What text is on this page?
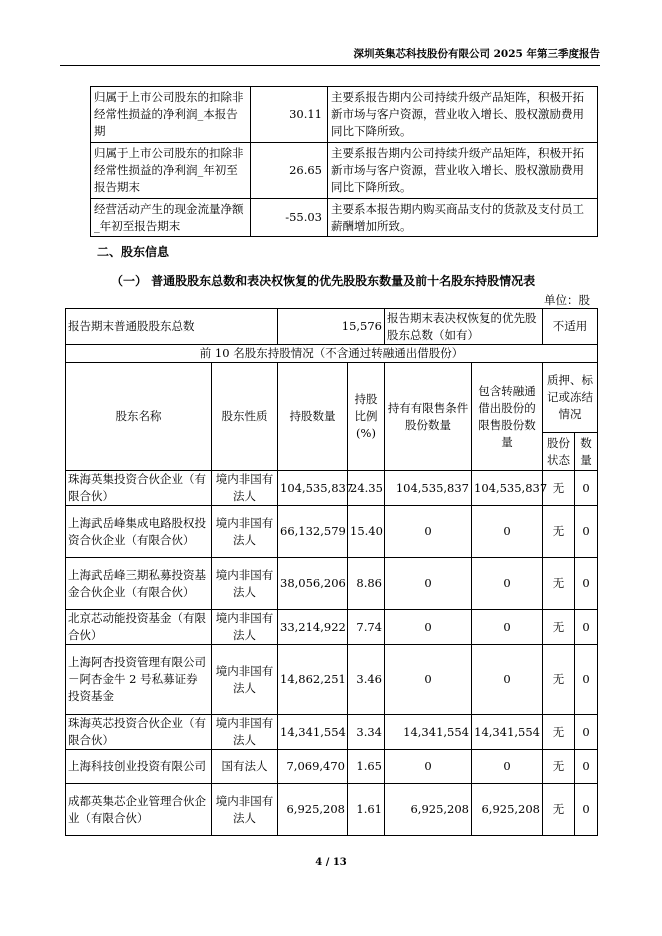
深圳英集芯科技股份有限公司 2025 年第三季度报告
归属于上市公司股东的扣除非经常性损益的净利润_本报告期	30.11	主要系报告期内公司持续升级产品矩阵，积极开拓新市场与客户资源，营业收入增长、股权激励费用同比下降所致。
归属于上市公司股东的扣除非经常性损益的净利润_年初至报告期末	26.65	主要系报告期内公司持续升级产品矩阵，积极开拓新市场与客户资源，营业收入增长、股权激励费用同比下降所致。
经营活动产生的现金流量净额_年初至报告期末	-55.03	主要系本报告期内购买商品支付的货款及支付员工薪酬增加所致。
二、股东信息
（一） 普通股股东总数和表决权恢复的优先股股东数量及前十名股东持股情况表
单位：股
报告期末普通股股东总数		15,576		报告期末表决权恢复的优先股股东总数（如有）		不适用	
前 10 名股东持股情况（不含通过转融通出借股份）							
股东名称	股东性质	持股数量	持股比例(%)	持有有限售条件股份数量	包含转融通借出股份的限售股份数量	质押、标记或冻结情况	
						股份状态	数量
珠海英集投资合伙企业（有限合伙）	境内非国有法人	104,535,837	24.35	104,535,837	104,535,837	无	0
上海武岳峰集成电路股权投资合伙企业（有限合伙）	境内非国有法人	66,132,579	15.40	0	0	无	0
上海武岳峰三期私募投资基金合伙企业（有限合伙）	境内非国有法人	38,056,206	8.86	0	0	无	0
北京芯动能投资基金（有限合伙）	境内非国有法人	33,214,922	7.74	0	0	无	0
上海阿杏投资管理有限公司－阿杏金牛 2 号私募证券投资基金	境内非国有法人	14,862,251	3.46	0	0	无	0
珠海英芯投资合伙企业（有限合伙）	境内非国有法人	14,341,554	3.34	14,341,554	14,341,554	无	0
上海科技创业投资有限公司	国有法人	7,069,470	1.65	0	0	无	0
成都英集芯企业管理合伙企业（有限合伙）	境内非国有法人	6,925,208	1.61	6,925,208	6,925,208	无	0
4 / 13
